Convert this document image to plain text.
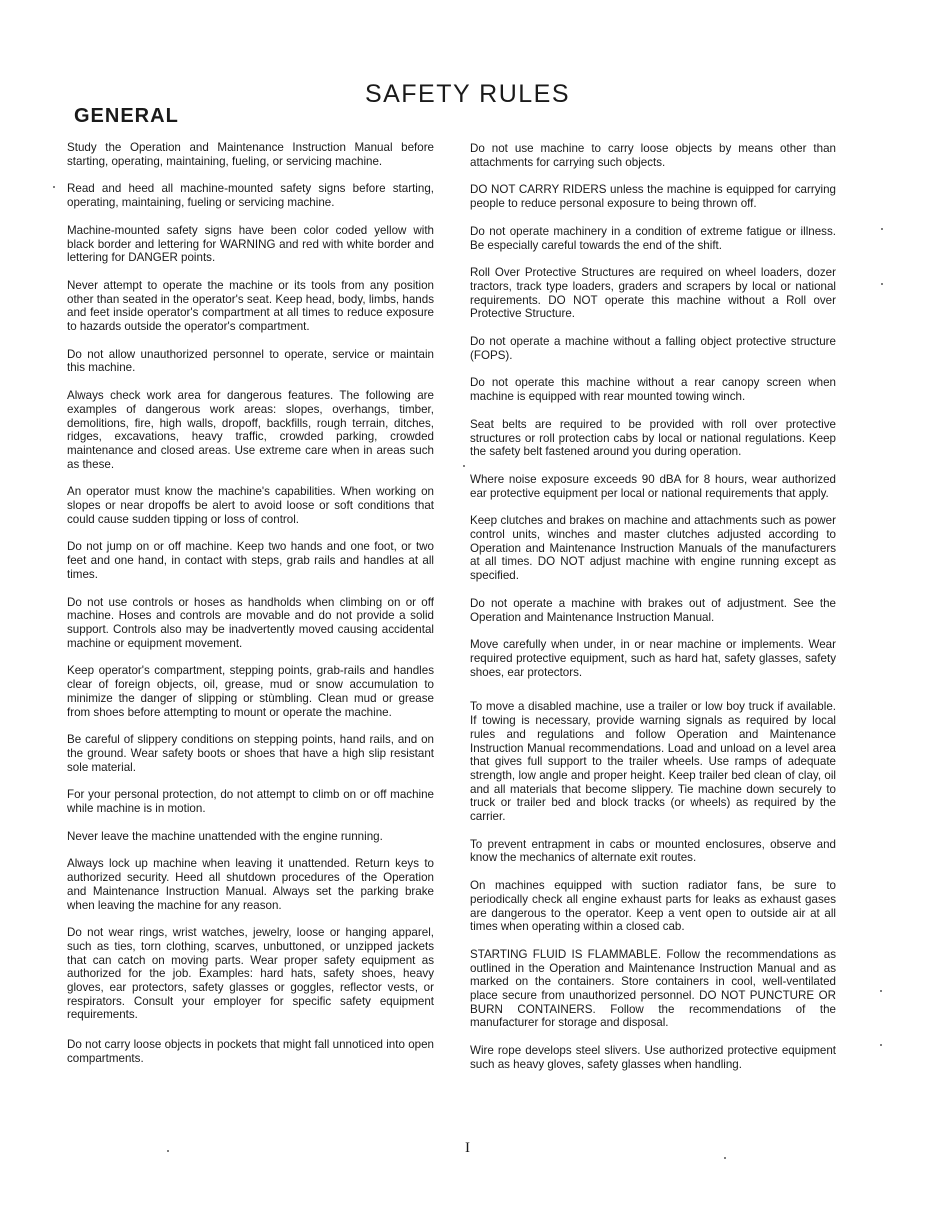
SAFETY RULES
GENERAL

Study the Operation and Maintenance Instruction Manual before starting, operating, maintaining, fueling, or servicing machine.

Read and heed all machine-mounted safety signs before starting, operating, maintaining, fueling or servicing machine.

Machine-mounted safety signs have been color coded yellow with black border and lettering for WARNING and red with white border and lettering for DANGER points.

Never attempt to operate the machine or its tools from any position other than seated in the operator's seat. Keep head, body, limbs, hands and feet inside operator's compartment at all times to reduce exposure to hazards outside the operator's compartment.

Do not allow unauthorized personnel to operate, service or maintain this machine.

Always check work area for dangerous features. The following are examples of dangerous work areas: slopes, overhangs, timber, demolitions, fire, high walls, dropoff, backfills, rough terrain, ditches, ridges, excavations, heavy traffic, crowded parking, crowded maintenance and closed areas. Use extreme care when in areas such as these.

An operator must know the machine's capabilities. When working on slopes or near dropoffs be alert to avoid loose or soft conditions that could cause sudden tipping or loss of control.

Do not jump on or off machine. Keep two hands and one foot, or two feet and one hand, in contact with steps, grab rails and handles at all times.

Do not use controls or hoses as handholds when climbing on or off machine. Hoses and controls are movable and do not provide a solid support. Controls also may be inadvertently moved causing accidental machine or equipment movement.

Keep operator's compartment, stepping points, grab-rails and handles clear of foreign objects, oil, grease, mud or snow accumulation to minimize the danger of slipping or stùmbling. Clean mud or grease from shoes before attempting to mount or operate the machine.

Be careful of slippery conditions on stepping points, hand rails, and on the ground. Wear safety boots or shoes that have a high slip resistant sole material.

For your personal protection, do not attempt to climb on or off machine while machine is in motion.

Never leave the machine unattended with the engine running.

Always lock up machine when leaving it unattended. Return keys to authorized security. Heed all shutdown procedures of the Operation and Maintenance Instruction Manual. Always set the parking brake when leaving the machine for any reason.

Do not wear rings, wrist watches, jewelry, loose or hanging apparel, such as ties, torn clothing, scarves, unbuttoned, or unzipped jackets that can catch on moving parts. Wear proper safety equipment as authorized for the job. Examples: hard hats, safety shoes, heavy gloves, ear protectors, safety glasses or goggles, reflector vests, or respirators. Consult your employer for specific safety equipment requirements.

Do not carry loose objects in pockets that might fall unnoticed into open compartments.

Do not use machine to carry loose objects by means other than attachments for carrying such objects.

DO NOT CARRY RIDERS unless the machine is equipped for carrying people to reduce personal exposure to being thrown off.

Do not operate machinery in a condition of extreme fatigue or illness. Be especially careful towards the end of the shift.

Roll Over Protective Structures are required on wheel loaders, dozer tractors, track type loaders, graders and scrapers by local or national requirements. DO NOT operate this machine without a Roll over Protective Structure.

Do not operate a machine without a falling object protective structure (FOPS).

Do not operate this machine without a rear canopy screen when machine is equipped with rear mounted towing winch.

Seat belts are required to be provided with roll over protective structures or roll protection cabs by local or national regulations. Keep the safety belt fastened around you during operation.

Where noise exposure exceeds 90 dBA for 8 hours, wear authorized ear protective equipment per local or national requirements that apply.

Keep clutches and brakes on machine and attachments such as power control units, winches and master clutches adjusted according to Operation and Maintenance Instruction Manuals of the manufacturers at all times. DO NOT adjust machine with engine running except as specified.

Do not operate a machine with brakes out of adjustment. See the Operation and Maintenance Instruction Manual.

Move carefully when under, in or near machine or implements. Wear required protective equipment, such as hard hat, safety glasses, safety shoes, ear protectors.

To move a disabled machine, use a trailer or low boy truck if available. If towing is necessary, provide warning signals as required by local rules and regulations and follow Operation and Maintenance Instruction Manual recommendations. Load and unload on a level area that gives full support to the trailer wheels. Use ramps of adequate strength, low angle and proper height. Keep trailer bed clean of clay, oil and all materials that become slippery. Tie machine down securely to truck or trailer bed and block tracks (or wheels) as required by the carrier.

To prevent entrapment in cabs or mounted enclosures, observe and know the mechanics of alternate exit routes.

On machines equipped with suction radiator fans, be sure to periodically check all engine exhaust parts for leaks as exhaust gases are dangerous to the operator. Keep a vent open to outside air at all times when operating within a closed cab.

STARTING FLUID IS FLAMMABLE. Follow the recommendations as outlined in the Operation and Maintenance Instruction Manual and as marked on the containers. Store containers in cool, well-ventilated place secure from unauthorized personnel. DO NOT PUNCTURE OR BURN CONTAINERS. Follow the recommendations of the manufacturer for storage and disposal.

Wire rope develops steel slivers. Use authorized protective equipment such as heavy gloves, safety glasses when handling.

I
